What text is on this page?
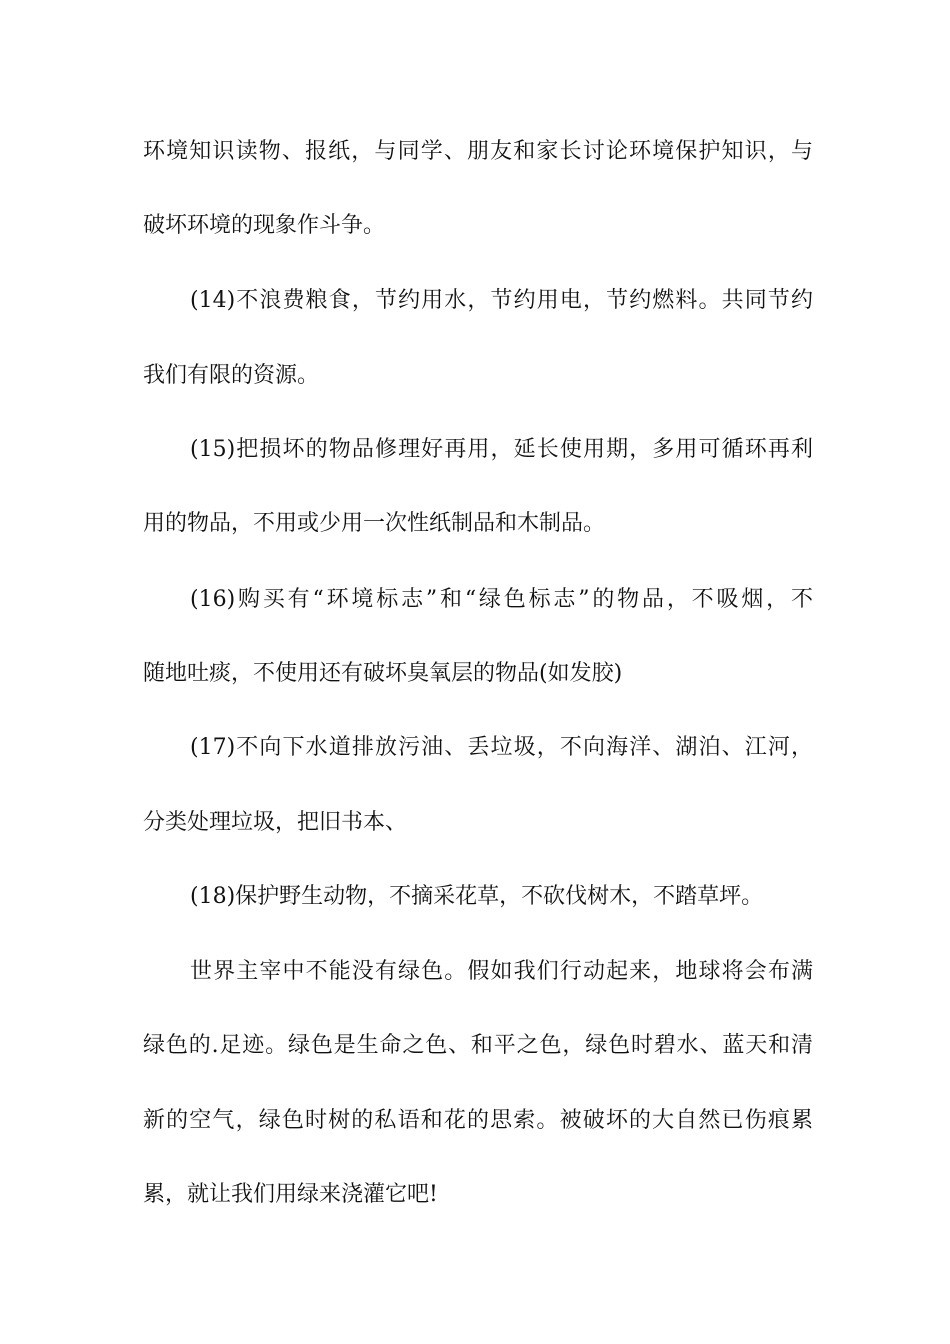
环境知识读物、报纸，与同学、朋友和家长讨论环境保护知识，与
破坏环境的现象作斗争。
(14)不浪费粮食，节约用水，节约用电，节约燃料。共同节约
我们有限的资源。
(15)把损坏的物品修理好再用，延长使用期，多用可循环再利
用的物品，不用或少用一次性纸制品和木制品。
(16)购买有“环境标志”和“绿色标志”的物品，不吸烟，不
随地吐痰，不使用还有破坏臭氧层的物品(如发胶)
(17)不向下水道排放污油、丢垃圾，不向海洋、湖泊、江河，
分类处理垃圾，把旧书本、
(18)保护野生动物，不摘采花草，不砍伐树木，不踏草坪。
世界主宰中不能没有绿色。假如我们行动起来，地球将会布满
绿色的.足迹。绿色是生命之色、和平之色，绿色时碧水、蓝天和清
新的空气，绿色时树的私语和花的思索。被破坏的大自然已伤痕累
累，就让我们用绿来浇灌它吧!
